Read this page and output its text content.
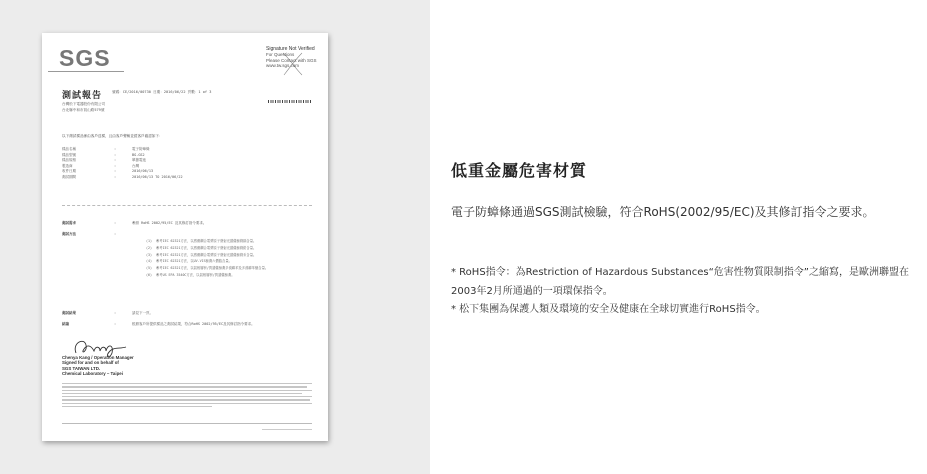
SGS	Signature Not Verified
For Questions
Please Contact with SGS
www.tw.sgs.com
測試報告	號碼：CE/2016/00730 日期：2016/06/22 頁數：1 of 3
台灣松下電器股份有限公司
台北縣中和市員山路579號
以下測試樣品係由客戶送樣，且由客戶聲稱並經客戶確認如下：
樣品名稱	:	電子防蟑條
樣品型號	:	BG-GS2
樣品規格	:	單節電池
製造商	:	台灣
收件日期	:	2016/06/13
測試期間	:	2016/06/13 TO 2016/06/22
測試需求	:	參照 RoHS 2002/95/EC 及其修訂指令要求。
測試方法	:
(1)	參考IEC 62321方法，以感應耦合電漿原子發射光譜儀檢測鎘含量。
(2)	參考IEC 62321方法，以感應耦合電漿原子發射光譜儀檢測鉛含量。
(3)	參考IEC 62321方法，以感應耦合電漿原子發射光譜儀檢測汞含量。
(4)	參考IEC 62321方法，以UV-VIS檢測六價鉻含量。
(5)	參考IEC 62321方法，以氣相層析/質譜儀檢測多溴聯苯及多溴聯苯醚含量。
(6)	參考US EPA 3540C方法，以氣相層析/質譜儀檢測。
測試結果	:	請見下一頁。
結論	:	根據客戶所提供樣品之測試結果，符合RoHS 2002/95/EC及其修訂指令要求。
Chenya Kang / Operation Manager
Signed for and on behalf of
SGS TAIWAN LTD.
Chemical Laboratory – Taipei
低重金屬危害材質
電子防蟑條通過SGS測試檢驗，符合RoHS(2002/95/EC)及其修訂指令之要求。
* RoHS指令：為Restriction of Hazardous Substances“危害性物質限制指令”之縮寫，是歐洲聯盟在2003年2月所通過的一項環保指令。
* 松下集團為保護人類及環境的安全及健康在全球切實進行RoHS指令。
